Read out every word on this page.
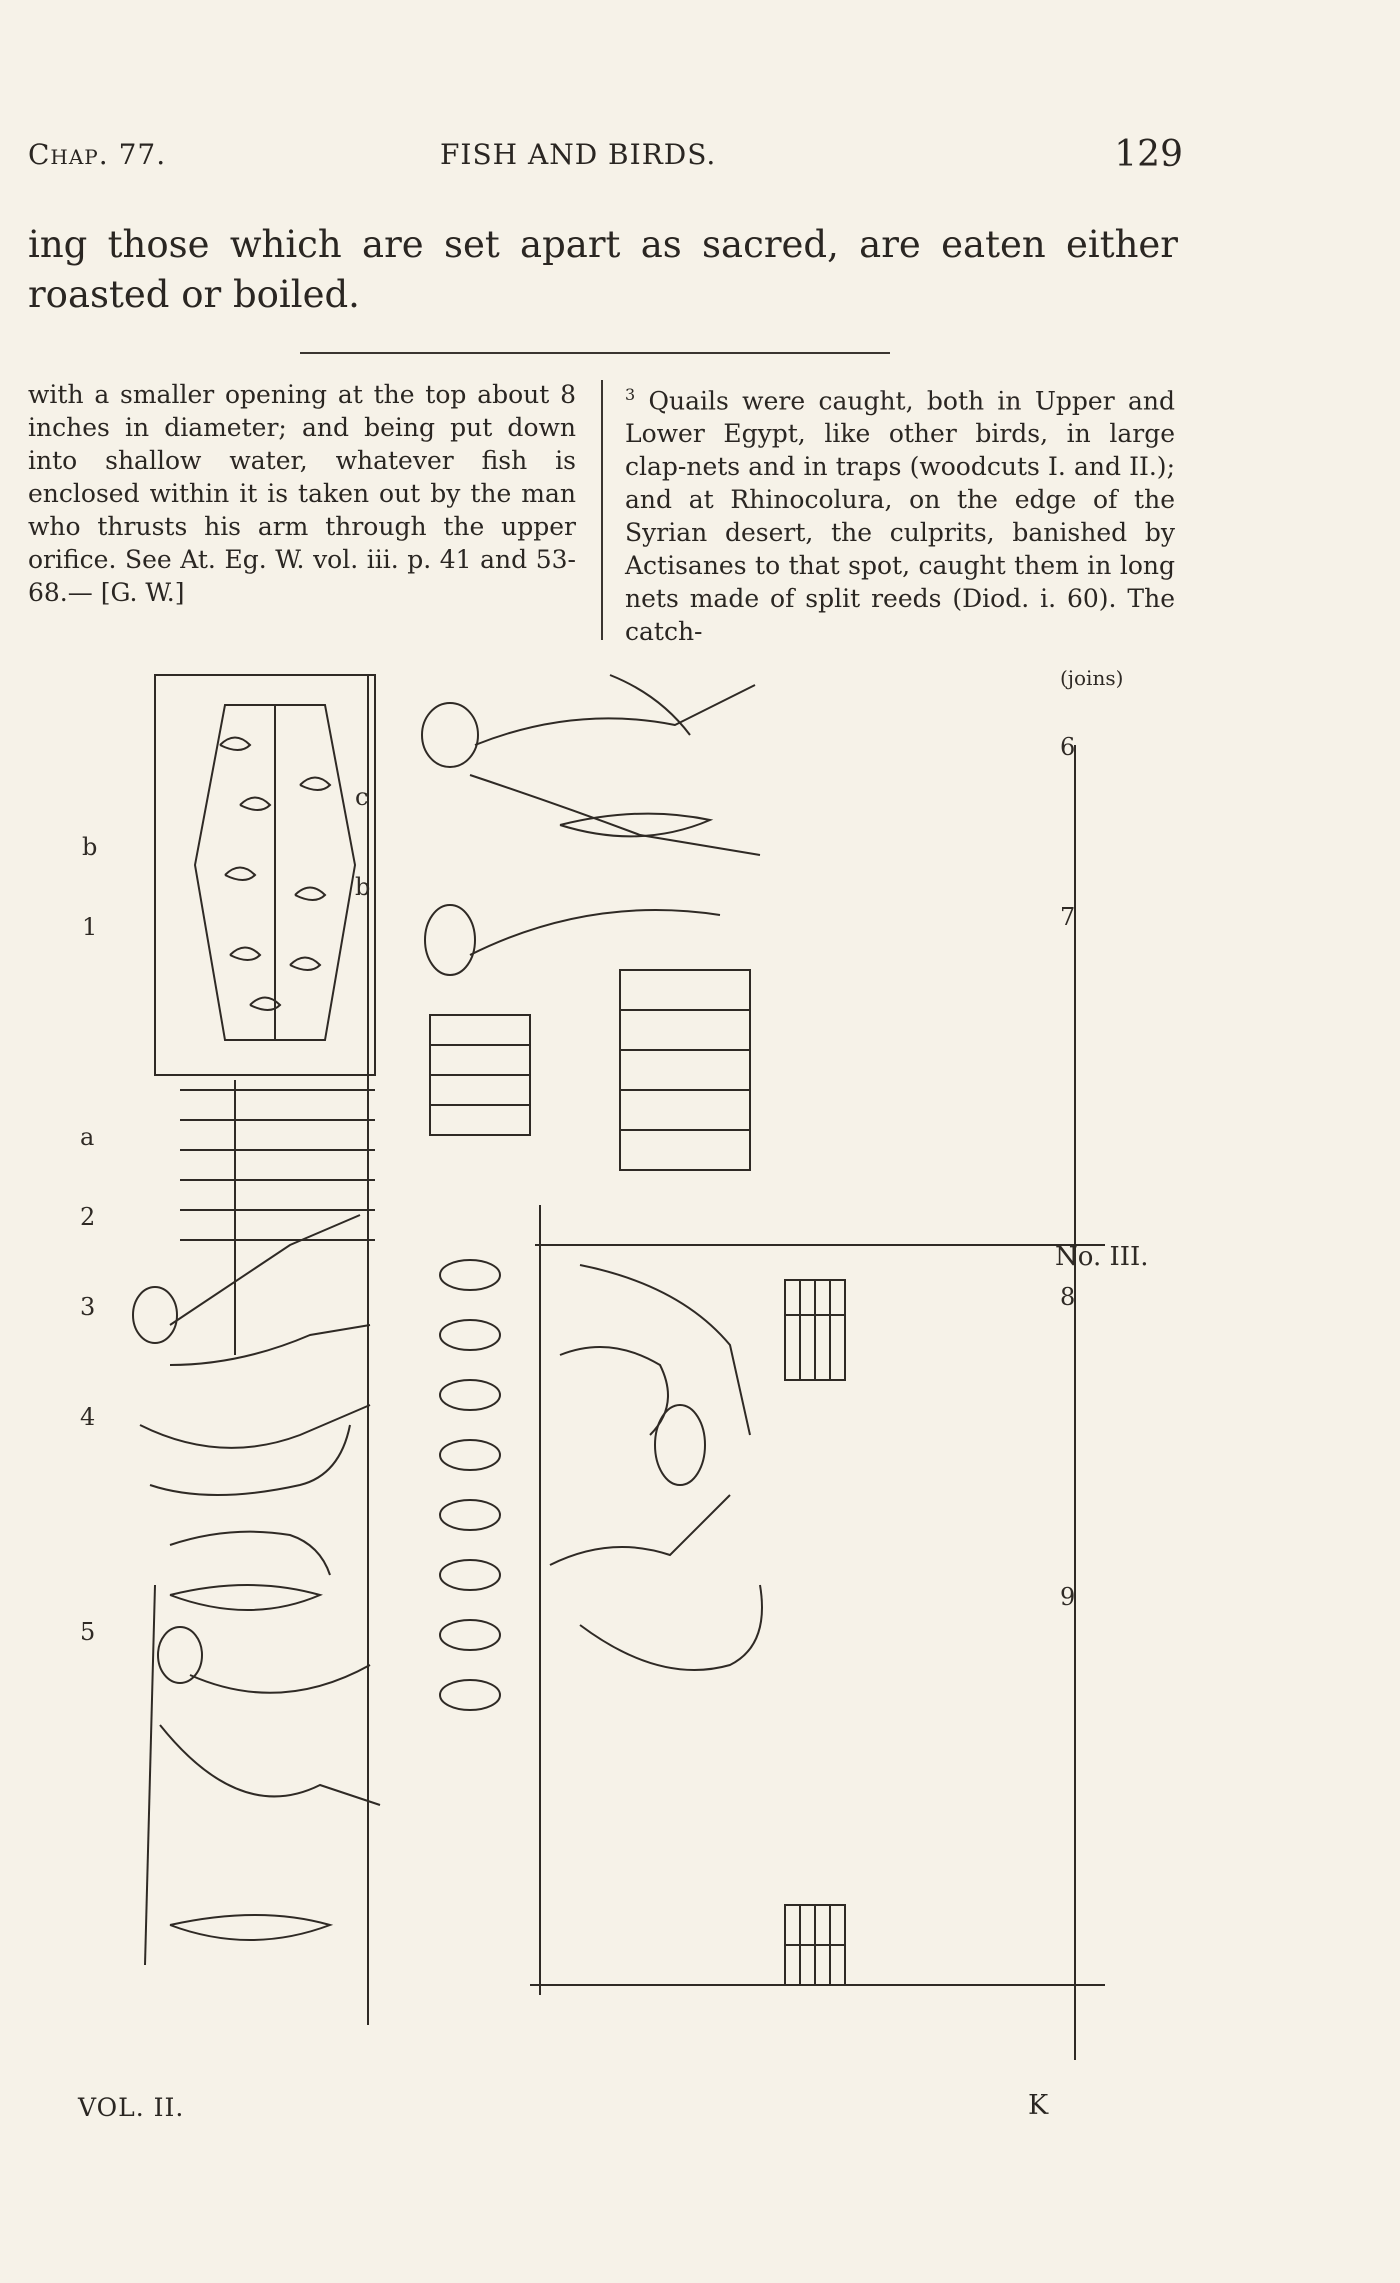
Chap. 77.	FISH AND BIRDS.	129
ing those which are set apart as sacred, are eaten either roasted or boiled.

with a smaller opening at the top about 8 inches in diameter; and being put down into shallow water, whatever fish is enclosed within it is taken out by the man who thrusts his arm through the upper orifice. See At. Eg. W. vol. iii. p. 41 and 53-68.— [G. W.]

$^3$ Quails were caught, both in Upper and Lower Egypt, like other birds, in large clap-nets and in traps (woodcuts I. and II.); and at Rhinocolura, on the edge of the Syrian desert, the culprits, banished by Actisanes to that spot, caught them in long nets made of split reeds (Diod. i. 60). The catch-

b
1
a
2
3
4
5
c
b
(joins)
6
7
8
9
No. III.
VOL. II.	K
